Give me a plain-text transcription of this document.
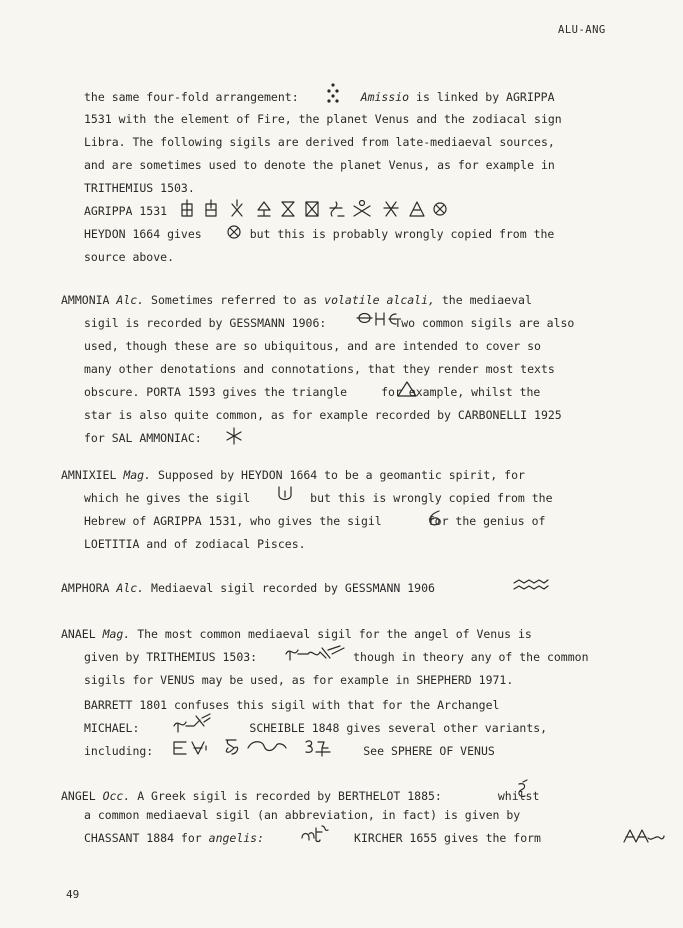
ALU-ANG
the same four-fold arrangement:	Amissio is linked by AGRIPPA
1531 with the element of Fire, the planet Venus and the zodiacal sign
Libra. The following sigils are derived from late-mediaeval sources,
and are sometimes used to denote the planet Venus, as for example in
TRITHEMIUS 1503.
AGRIPPA 1531
HEYDON 1664 gives	but this is probably wrongly copied from the
source above.
AMMONIA Alc. Sometimes referred to as volatile alcali, the mediaeval
sigil is recorded by GESSMANN 1906:	Two common sigils are also
used, though these are so ubiquitous, and are intended to cover so
many other denotations and connotations, that they render most texts
obscure. PORTA 1593 gives the triangle	for example, whilst the
star is also quite common, as for example recorded by CARBONELLI 1925
for SAL AMMONIAC:
AMNIXIEL Mag. Supposed by HEYDON 1664 to be a geomantic spirit, for
which he gives the sigil	but this is wrongly copied from the
Hebrew of AGRIPPA 1531, who gives the sigil	for the genius of
LOETITIA and of zodiacal Pisces.
AMPHORA Alc. Mediaeval sigil recorded by GESSMANN 1906
ANAEL Mag. The most common mediaeval sigil for the angel of Venus is
given by TRITHEMIUS 1503:	though in theory any of the common
sigils for VENUS may be used, as for example in SHEPHERD 1971.
BARRETT 1801 confuses this sigil with that for the Archangel
MICHAEL:	SCHEIBLE 1848 gives several other variants,
including:	See SPHERE OF VENUS
ANGEL Occ. A Greek sigil is recorded by BERTHELOT 1885:	whilst
a common mediaeval sigil (an abbreviation, in fact) is given by
CHASSANT 1884 for angelis:	KIRCHER 1655 gives the form
49
